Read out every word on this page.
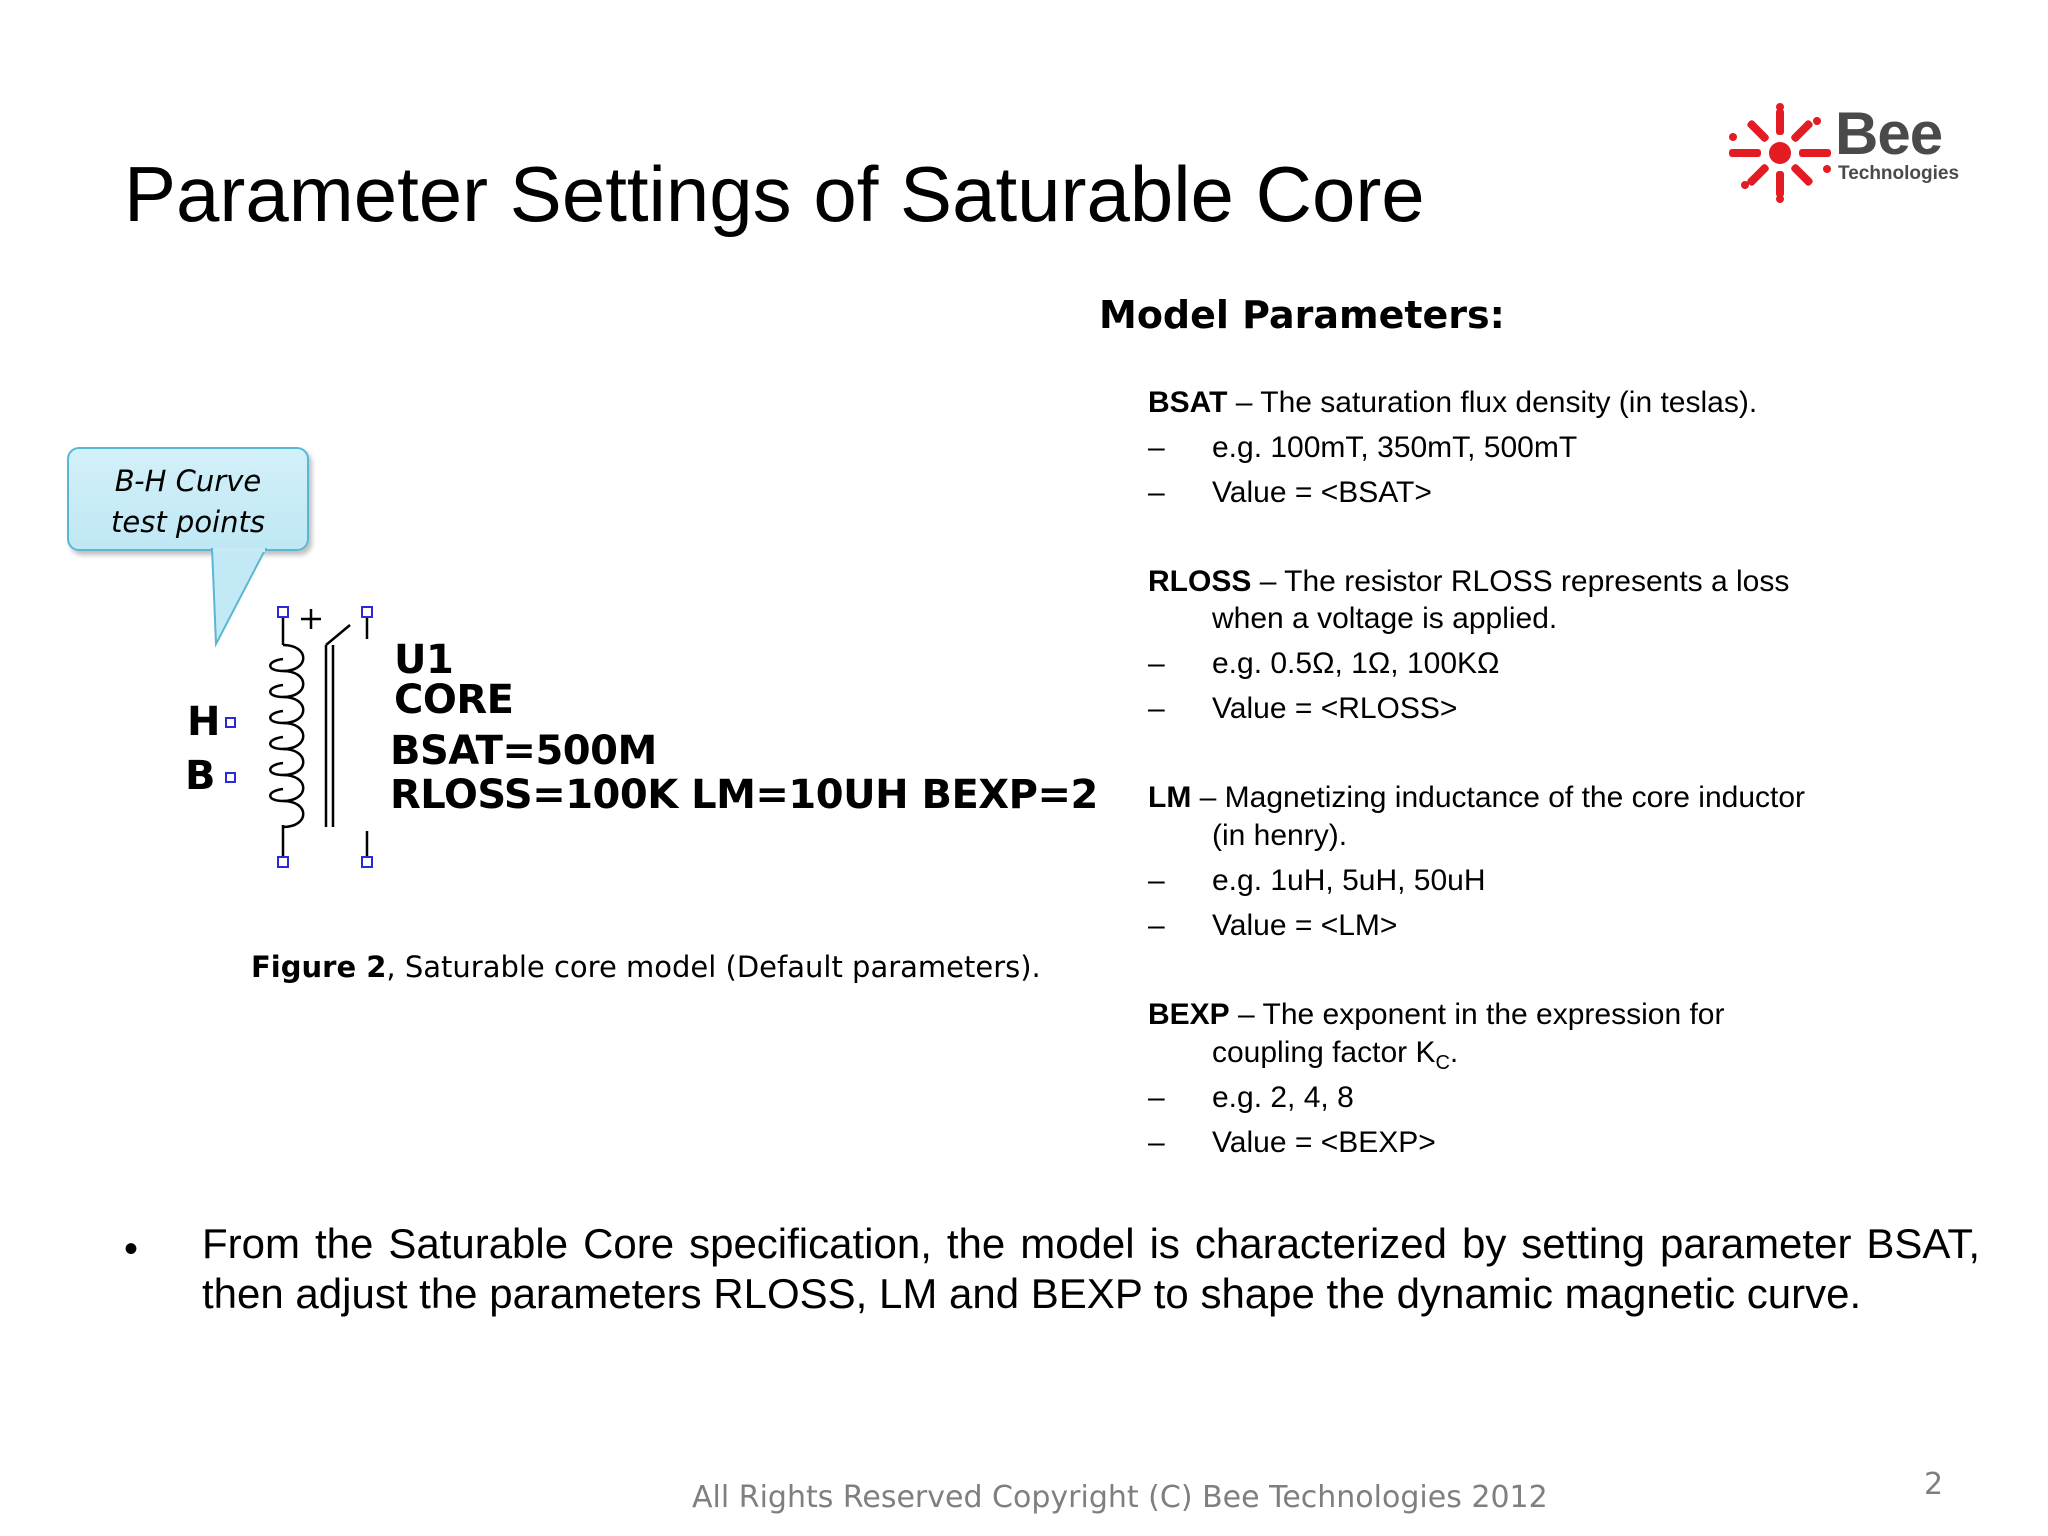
Parameter Settings of Saturable Core
Bee
Technologies
B-H Curve
test points
H
B
U1
CORE
BSAT=500M
RLOSS=100K LM=10UH BEXP=2
Figure 2, Saturable core model (Default parameters).
Model Parameters:
BSAT – The saturation flux density (in teslas).
– e.g. 100mT, 350mT, 500mT
– Value = <BSAT>
RLOSS – The resistor RLOSS represents a loss
when a voltage is applied.
– e.g. 0.5Ω, 1Ω, 100KΩ
– Value = <RLOSS>
LM – Magnetizing inductance of the core inductor
(in henry).
– e.g. 1uH, 5uH, 50uH
– Value = <LM>
BEXP – The exponent in the expression for
coupling factor $K_C$.
– e.g. 2, 4, 8
– Value = <BEXP>
• From the Saturable Core specification, the model is characterized by setting parameter BSAT, then adjust the parameters RLOSS, LM and BEXP to shape the dynamic magnetic curve.
All Rights Reserved Copyright (C) Bee Technologies 2012	2
